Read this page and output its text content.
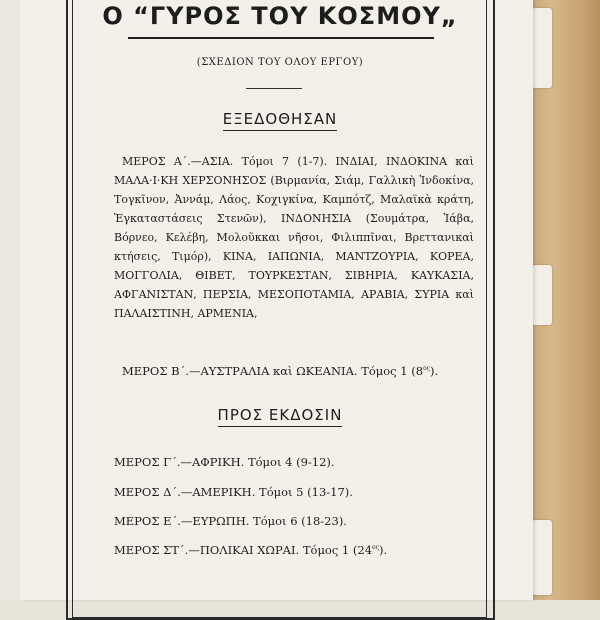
Ο “ΓΥΡΟΣ ΤΟΥ ΚΟΣΜΟΥ„
(ΣΧΕΔΙΟΝ ΤΟΥ ΟΛΟΥ ΕΡΓΟΥ)
ΕΞΕΔΟΘΗΣΑΝ
ΜΕΡΟΣ Α΄.—ΑΣΙΑ. Τόμοι 7 (1-7). ΙΝΔΙΑΙ, ΙΝΔΟΚΙΝΑ καὶ ΜΑΛΑ·Ι·ΚΗ ΧΕΡΣΟΝΗΣΟΣ (Βιρμανία, Σιάμ, Γαλλικὴ Ἰνδοκίνα, Τογκῖνον, Ἀννάμ, Λάος, Κοχιγκίνα, Καμπότζ, Μαλαϊκὰ κράτη, Ἐγκαταστάσεις Στενῶν), ΙΝΔΟΝΗΣΙΑ (Σουμάτρα, Ἰάβα, Βόρνεο, Κελέβη, Μολοῦκκαι νῆσοι, Φιλιππῖναι, Βρεττανικαὶ κτήσεις, Τιμόρ), ΚΙΝΑ, ΙΑΠΩΝΙΑ, ΜΑΝΤΖΟΥΡΙΑ, ΚΟΡΕΑ, ΜΟΓΓΟΛΙΑ, ΘΙΒΕΤ, ΤΟΥΡΚΕΣΤΑΝ, ΣΙΒΗΡΙΑ, ΚΑΥΚΑΣΙΑ, ΑΦΓΑΝΙΣΤΑΝ, ΠΕΡΣΙΑ, ΜΕΣΟΠΟΤΑΜΙΑ, ΑΡΑΒΙΑ, ΣΥΡΙΑ καὶ ΠΑΛΑΙΣΤΙΝΗ, ΑΡΜΕΝΙΑ,
ΜΕΡΟΣ Β΄.—ΑΥΣΤΡΑΛΙΑ καὶ ΩΚΕΑΝΙΑ. Τόμος 1 $(8^{o\varsigma})$.
ΠΡΟΣ ΕΚΔΟΣΙΝ
ΜΕΡΟΣ Γ΄.—ΑΦΡΙΚΗ. Τόμοι 4 (9-12).
ΜΕΡΟΣ Δ΄.—ΑΜΕΡΙΚΗ. Τόμοι 5 (13-17).
ΜΕΡΟΣ Ε΄.—ΕΥΡΩΠΗ. Τόμοι 6 (18-23).
ΜΕΡΟΣ ΣΤ΄.—ΠΟΛΙΚΑΙ ΧΩΡΑΙ. Τόμος 1 $(24^{o\varsigma})$.
